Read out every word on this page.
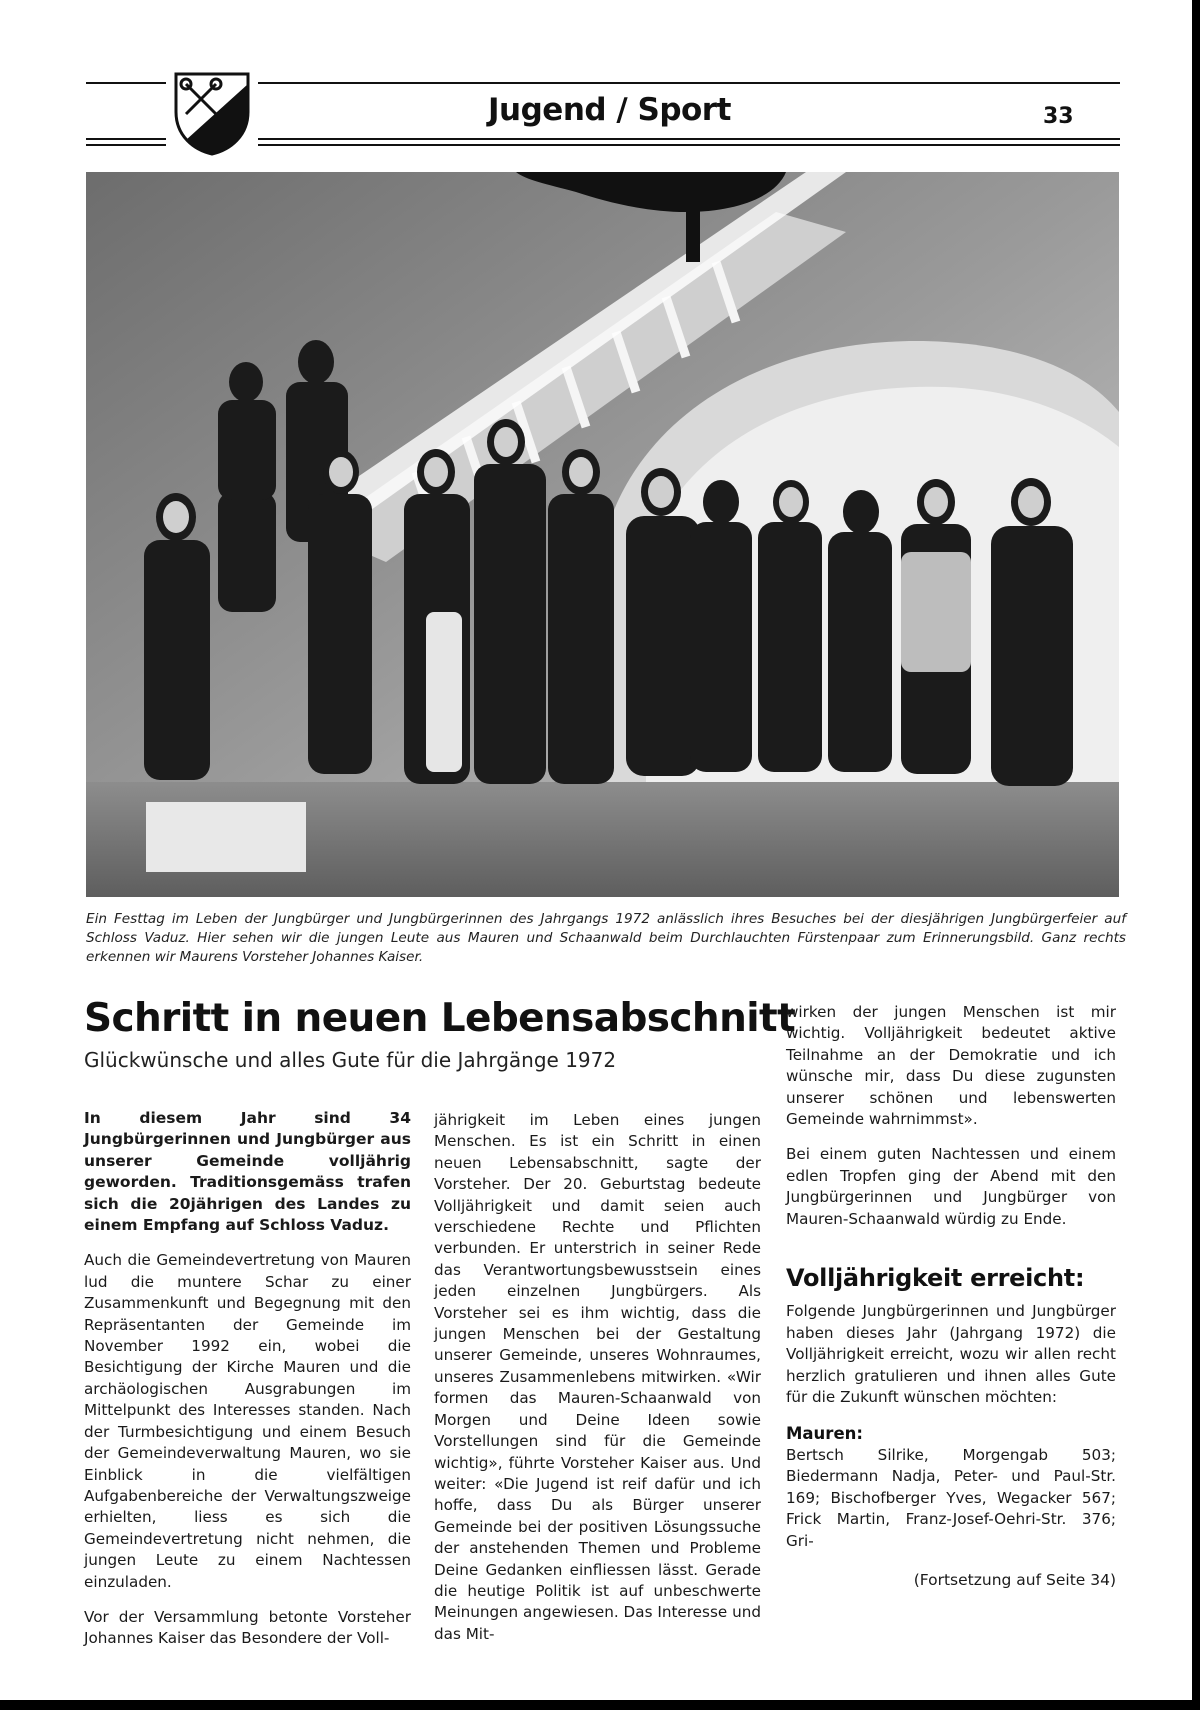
Jugend / Sport	33
Ein Festtag im Leben der Jungbürger und Jungbürgerinnen des Jahrgangs 1972 anlässlich ihres Besuches bei der diesjährigen Jungbürgerfeier auf Schloss Vaduz. Hier sehen wir die jungen Leute aus Mauren und Schaanwald beim Durchlauchten Fürstenpaar zum Erinnerungsbild. Ganz rechts erkennen wir Maurens Vorsteher Johannes Kaiser.
Schritt in neuen Lebensabschnitt
Glückwünsche und alles Gute für die Jahrgänge 1972

In diesem Jahr sind 34 Jungbürgerinnen und Jungbürger aus unserer Gemeinde volljährig geworden. Traditionsgemäss trafen sich die 20jährigen des Landes zu einem Empfang auf Schloss Vaduz.

Auch die Gemeindevertretung von Mauren lud die muntere Schar zu einer Zusammenkunft und Begegnung mit den Repräsentanten der Gemeinde im November 1992 ein, wobei die Besichtigung der Kirche Mauren und die archäologischen Ausgrabungen im Mittelpunkt des Interesses standen. Nach der Turmbesichtigung und einem Besuch der Gemeindeverwaltung Mauren, wo sie Einblick in die vielfältigen Aufgabenbereiche der Verwaltungszweige erhielten, liess es sich die Gemeindevertretung nicht nehmen, die jungen Leute zu einem Nachtessen einzuladen.

Vor der Versammlung betonte Vorsteher Johannes Kaiser das Besondere der Voll-

jährigkeit im Leben eines jungen Menschen. Es ist ein Schritt in einen neuen Lebensabschnitt, sagte der Vorsteher. Der 20. Geburtstag bedeute Volljährigkeit und damit seien auch verschiedene Rechte und Pflichten verbunden. Er unterstrich in seiner Rede das Verantwortungsbewusstsein eines jeden einzelnen Jungbürgers. Als Vorsteher sei es ihm wichtig, dass die jungen Menschen bei der Gestaltung unserer Gemeinde, unseres Wohnraumes, unseres Zusammenlebens mitwirken. «Wir formen das Mauren-Schaanwald von Morgen und Deine Ideen sowie Vorstellungen sind für die Gemeinde wichtig», führte Vorsteher Kaiser aus. Und weiter: «Die Jugend ist reif dafür und ich hoffe, dass Du als Bürger unserer Gemeinde bei der positiven Lösungssuche der anstehenden Themen und Probleme Deine Gedanken einfliessen lässt. Gerade die heutige Politik ist auf unbeschwerte Meinungen angewiesen. Das Interesse und das Mit-

wirken der jungen Menschen ist mir wichtig. Volljährigkeit bedeutet aktive Teilnahme an der Demokratie und ich wünsche mir, dass Du diese zugunsten unserer schönen und lebenswerten Gemeinde wahrnimmst».

Bei einem guten Nachtessen und einem edlen Tropfen ging der Abend mit den Jungbürgerinnen und Jungbürger von Mauren-Schaanwald würdig zu Ende.

Volljährigkeit erreicht:

Folgende Jungbürgerinnen und Jungbürger haben dieses Jahr (Jahrgang 1972) die Volljährigkeit erreicht, wozu wir allen recht herzlich gratulieren und ihnen alles Gute für die Zukunft wünschen möchten:

Mauren:

Bertsch Silrike, Morgengab 503; Biedermann Nadja, Peter- und Paul-Str. 169; Bischofberger Yves, Wegacker 567; Frick Martin, Franz-Josef-Oehri-Str. 376; Gri-

(Fortsetzung auf Seite 34)
